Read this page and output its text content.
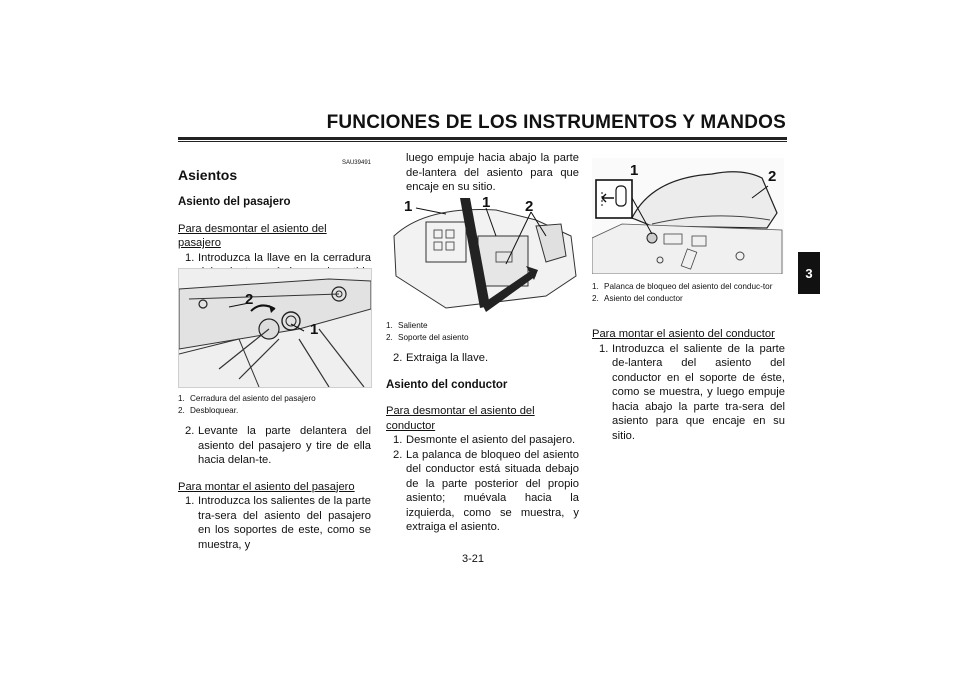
FUNCIONES DE LOS INSTRUMENTOS Y MANDOS
3
SAU39491
Asientos
Asiento del pasajero
Para desmontar el asiento del pasajero
1. Introduzca la llave en la cerradura
2
1
1. Cerradura del asiento del pasajero
2. Desbloquear.
2. Levante la parte delantera del asiento del pasajero y tire de ella hacia delan-te.
Para montar el asiento del pasajero
1. Introduzca los salientes de la parte tra-sera del asiento del pasajero en los soportes de este, como se muestra, y
luego empuje hacia abajo la parte de-lantera del asiento para que encaje en su sitio.
1	1 2
1. Saliente
2. Soporte del asiento
2. Extraiga la llave.
Asiento del conductor
Para desmontar el asiento del conductor
1. Desmonte el asiento del pasajero.
2. La palanca de bloqueo del asiento del conductor está situada debajo de la parte posterior del propio asiento; muévala hacia la izquierda, como se muestra, y extraiga el asiento.
1	2
1. Palanca de bloqueo del asiento del conduc-tor
2. Asiento del conductor
Para montar el asiento del conductor
1. Introduzca el saliente de la parte de-lantera del asiento del conductor en el soporte de éste, como se muestra, y luego empuje hacia abajo la parte tra-sera del asiento para que encaje en su sitio.
3-21
